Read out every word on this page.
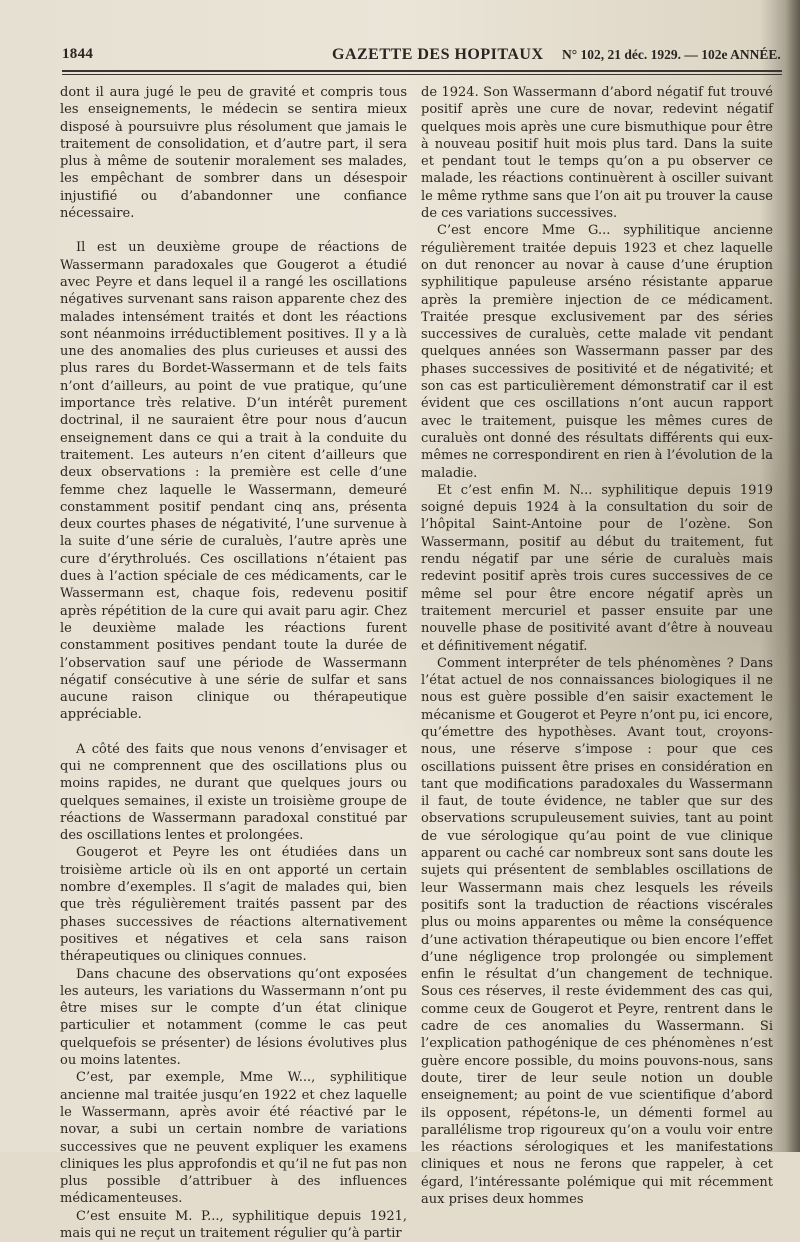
1844	GAZETTE DES HOPITAUX N° 102, 21 déc. 1929. — 102e ANNÉE.

dont il aura jugé le peu de gravité et compris tous les enseignements, le médecin se sentira mieux disposé à poursuivre plus résolument que jamais le traitement de consolidation, et d’autre part, il sera plus à même de soutenir moralement ses malades, les empêchant de sombrer dans un désespoir injustifié ou d’abandonner une confiance nécessaire.

Il est un deuxième groupe de réactions de Wassermann paradoxales que Gougerot a étudié avec Peyre et dans lequel il a rangé les oscillations négatives survenant sans raison apparente chez des malades intensément traités et dont les réactions sont néanmoins irréductiblement positives. Il y a là une des anomalies des plus curieuses et aussi des plus rares du Bordet-Wassermann et de tels faits n’ont d’ailleurs, au point de vue pratique, qu’une importance très relative. D’un intérêt purement doctrinal, il ne sauraient être pour nous d’aucun enseignement dans ce qui a trait à la conduite du traitement. Les auteurs n’en citent d’ailleurs que deux observations : la première est celle d’une femme chez laquelle le Wassermann, demeuré constamment positif pendant cinq ans, présenta deux courtes phases de négativité, l’une survenue à la suite d’une série de curaluès, l’autre après une cure d’érythrolués. Ces oscillations n’étaient pas dues à l’action spéciale de ces médicaments, car le Wassermann est, chaque fois, redevenu positif après répétition de la cure qui avait paru agir. Chez le deuxième malade les réactions furent constamment positives pendant toute la durée de l’observation sauf une période de Wassermann négatif consécutive à une série de sulfar et sans aucune raison clinique ou thérapeutique appréciable.

A côté des faits que nous venons d’envisager et qui ne comprennent que des oscillations plus ou moins rapides, ne durant que quelques jours ou quelques semaines, il existe un troisième groupe de réactions de Wassermann paradoxal constitué par des oscillations lentes et prolongées.

Gougerot et Peyre les ont étudiées dans un troisième article où ils en ont apporté un certain nombre d’exemples. Il s’agit de malades qui, bien que très régulièrement traités passent par des phases successives de réactions alternativement positives et négatives et cela sans raison thérapeutiques ou cliniques connues.

Dans chacune des observations qu’ont exposées les auteurs, les variations du Wassermann n’ont pu être mises sur le compte d’un état clinique particulier et notamment (comme le cas peut quelquefois se présenter) de lésions évolutives plus ou moins latentes.

C’est, par exemple, Mme W..., syphilitique ancienne mal traitée jusqu’en 1922 et chez laquelle le Wassermann, après avoir été réactivé par le novar, a subi un certain nombre de variations successives que ne peuvent expliquer les examens cliniques les plus approfondis et qu’il ne fut pas non plus possible d’attribuer à des influences médicamenteuses.

C’est ensuite M. P..., syphilitique depuis 1921, mais qui ne reçut un traitement régulier qu’à partir

de 1924. Son Wassermann d’abord négatif fut trouvé positif après une cure de novar, redevint négatif quelques mois après une cure bismuthique pour être à nouveau positif huit mois plus tard. Dans la suite et pendant tout le temps qu’on a pu observer ce malade, les réactions continuèrent à osciller suivant le même rythme sans que l’on ait pu trouver la cause de ces variations successives.

C’est encore Mme G... syphilitique ancienne régulièrement traitée depuis 1923 et chez laquelle on dut renoncer au novar à cause d’une éruption syphilitique papuleuse arséno résistante apparue après la première injection de ce médicament. Traitée presque exclusivement par des séries successives de curaluès, cette malade vit pendant quelques années son Wassermann passer par des phases successives de positivité et de négativité; et son cas est particulièrement démonstratif car il est évident que ces oscillations n’ont aucun rapport avec le traitement, puisque les mêmes cures de curaluès ont donné des résultats différents qui eux-mêmes ne correspondirent en rien à l’évolution de la maladie.

Et c’est enfin M. N... syphilitique depuis 1919 soigné depuis 1924 à la consultation du soir de l’hôpital Saint-Antoine pour de l’ozène. Son Wassermann, positif au début du traitement, fut rendu négatif par une série de curaluès mais redevint positif après trois cures successives de ce même sel pour être encore négatif après un traitement mercuriel et passer ensuite par une nouvelle phase de positivité avant d’être à nouveau et définitivement négatif.

Comment interpréter de tels phénomènes ? Dans l’état actuel de nos connaissances biologiques il ne nous est guère possible d’en saisir exactement le mécanisme et Gougerot et Peyre n’ont pu, ici encore, qu’émettre des hypothèses. Avant tout, croyons-nous, une réserve s’impose : pour que ces oscillations puissent être prises en considération en tant que modifications paradoxales du Wassermann il faut, de toute évidence, ne tabler que sur des observations scrupuleusement suivies, tant au point de vue sérologique qu’au point de vue clinique apparent ou caché car nombreux sont sans doute les sujets qui présentent de semblables oscillations de leur Wassermann mais chez lesquels les réveils positifs sont la traduction de réactions viscérales plus ou moins apparentes ou même la conséquence d’une activation thérapeutique ou bien encore l’effet d’une négligence trop prolongée ou simplement enfin le résultat d’un changement de technique. Sous ces réserves, il reste évidemment des cas qui, comme ceux de Gougerot et Peyre, rentrent dans le cadre de ces anomalies du Wassermann. Si l’explication pathogénique de ces phénomènes n’est guère encore possible, du moins pouvons-nous, sans doute, tirer de leur seule notion un double enseignement; au point de vue scientifique d’abord ils opposent, répétons-le, un démenti formel au parallélisme trop rigoureux qu’on a voulu voir entre les réactions sérologiques et les manifestations cliniques et nous ne ferons que rappeler, à cet égard, l’intéressante polémique qui mit récemment aux prises deux hommes
